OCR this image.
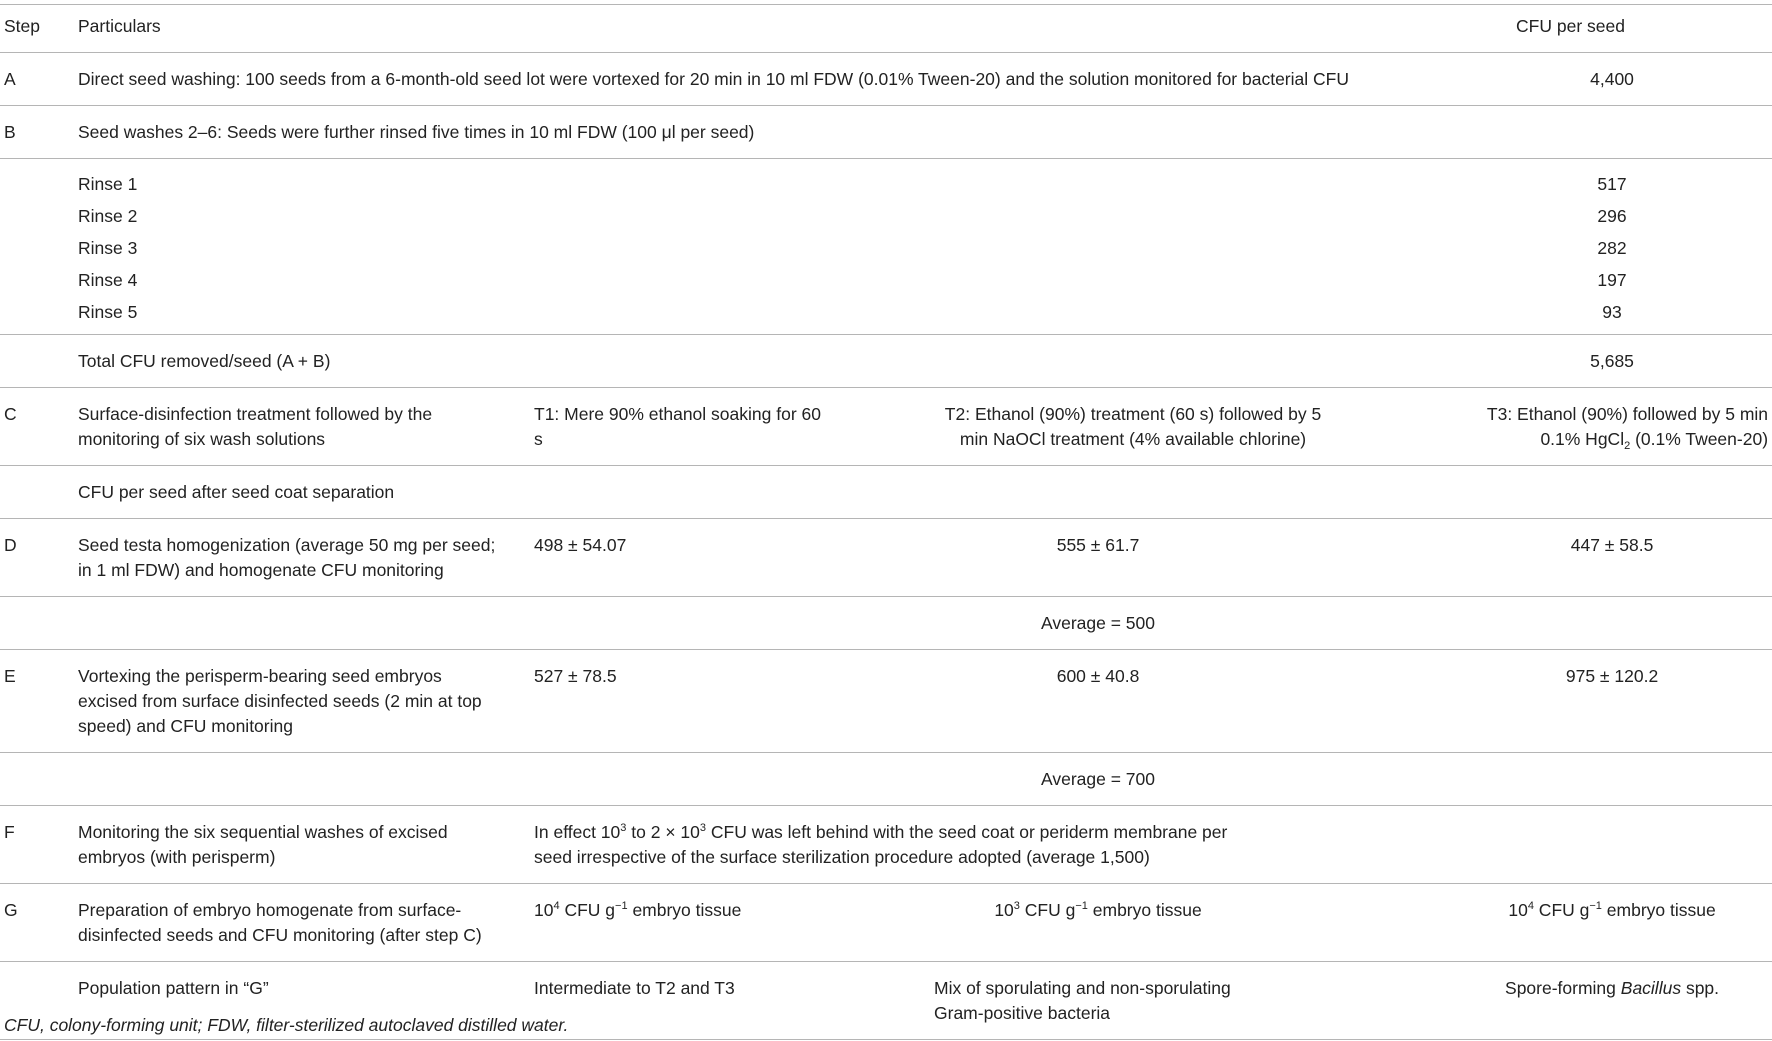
Step	Particulars			CFU per seed
A	Direct seed washing: 100 seeds from a 6-month-old seed lot were vortexed for 20 min in 10 ml FDW (0.01% Tween-20) and the solution monitored for bacterial CFU			4,400
B	Seed washes 2–6: Seeds were further rinsed five times in 10 ml FDW (100 μl per seed)			
	Rinse 1			517
	Rinse 2			296
	Rinse 3			282
	Rinse 4			197
	Rinse 5			93
	Total CFU removed/seed (A + B)			5,685
C	Surface-disinfection treatment followed by the monitoring of six wash solutions	T1: Mere 90% ethanol soaking for 60 s	T2: Ethanol (90%) treatment (60 s) followed by 5 min NaOCl treatment (4% available chlorine)	T3: Ethanol (90%) followed by 5 min 0.1% HgCl$_2$ (0.1% Tween-20)
	CFU per seed after seed coat separation			
D	Seed testa homogenization (average 50 mg per seed; in 1 ml FDW) and homogenate CFU monitoring	498 ± 54.07	555 ± 61.7	447 ± 58.5
			Average = 500	
E	Vortexing the perisperm-bearing seed embryos excised from surface disinfected seeds (2 min at top speed) and CFU monitoring	527 ± 78.5	600 ± 40.8	975 ± 120.2
			Average = 700	
F	Monitoring the six sequential washes of excised embryos (with perisperm)	In effect $10^3$ to $2 \times 10^3$ CFU was left behind with the seed coat or periderm membrane per seed irrespective of the surface sterilization procedure adopted (average 1,500)		
G	Preparation of embryo homogenate from surface-disinfected seeds and CFU monitoring (after step C)	$10^4$ CFU $g^{-1}$ embryo tissue	$10^3$ CFU $g^{-1}$ embryo tissue	$10^4$ CFU $g^{-1}$ embryo tissue
	Population pattern in “G”	Intermediate to T2 and T3	Mix of sporulating and non-sporulating Gram-positive bacteria	Spore-forming Bacillus spp.
CFU, colony-forming unit; FDW, filter-sterilized autoclaved distilled water.
